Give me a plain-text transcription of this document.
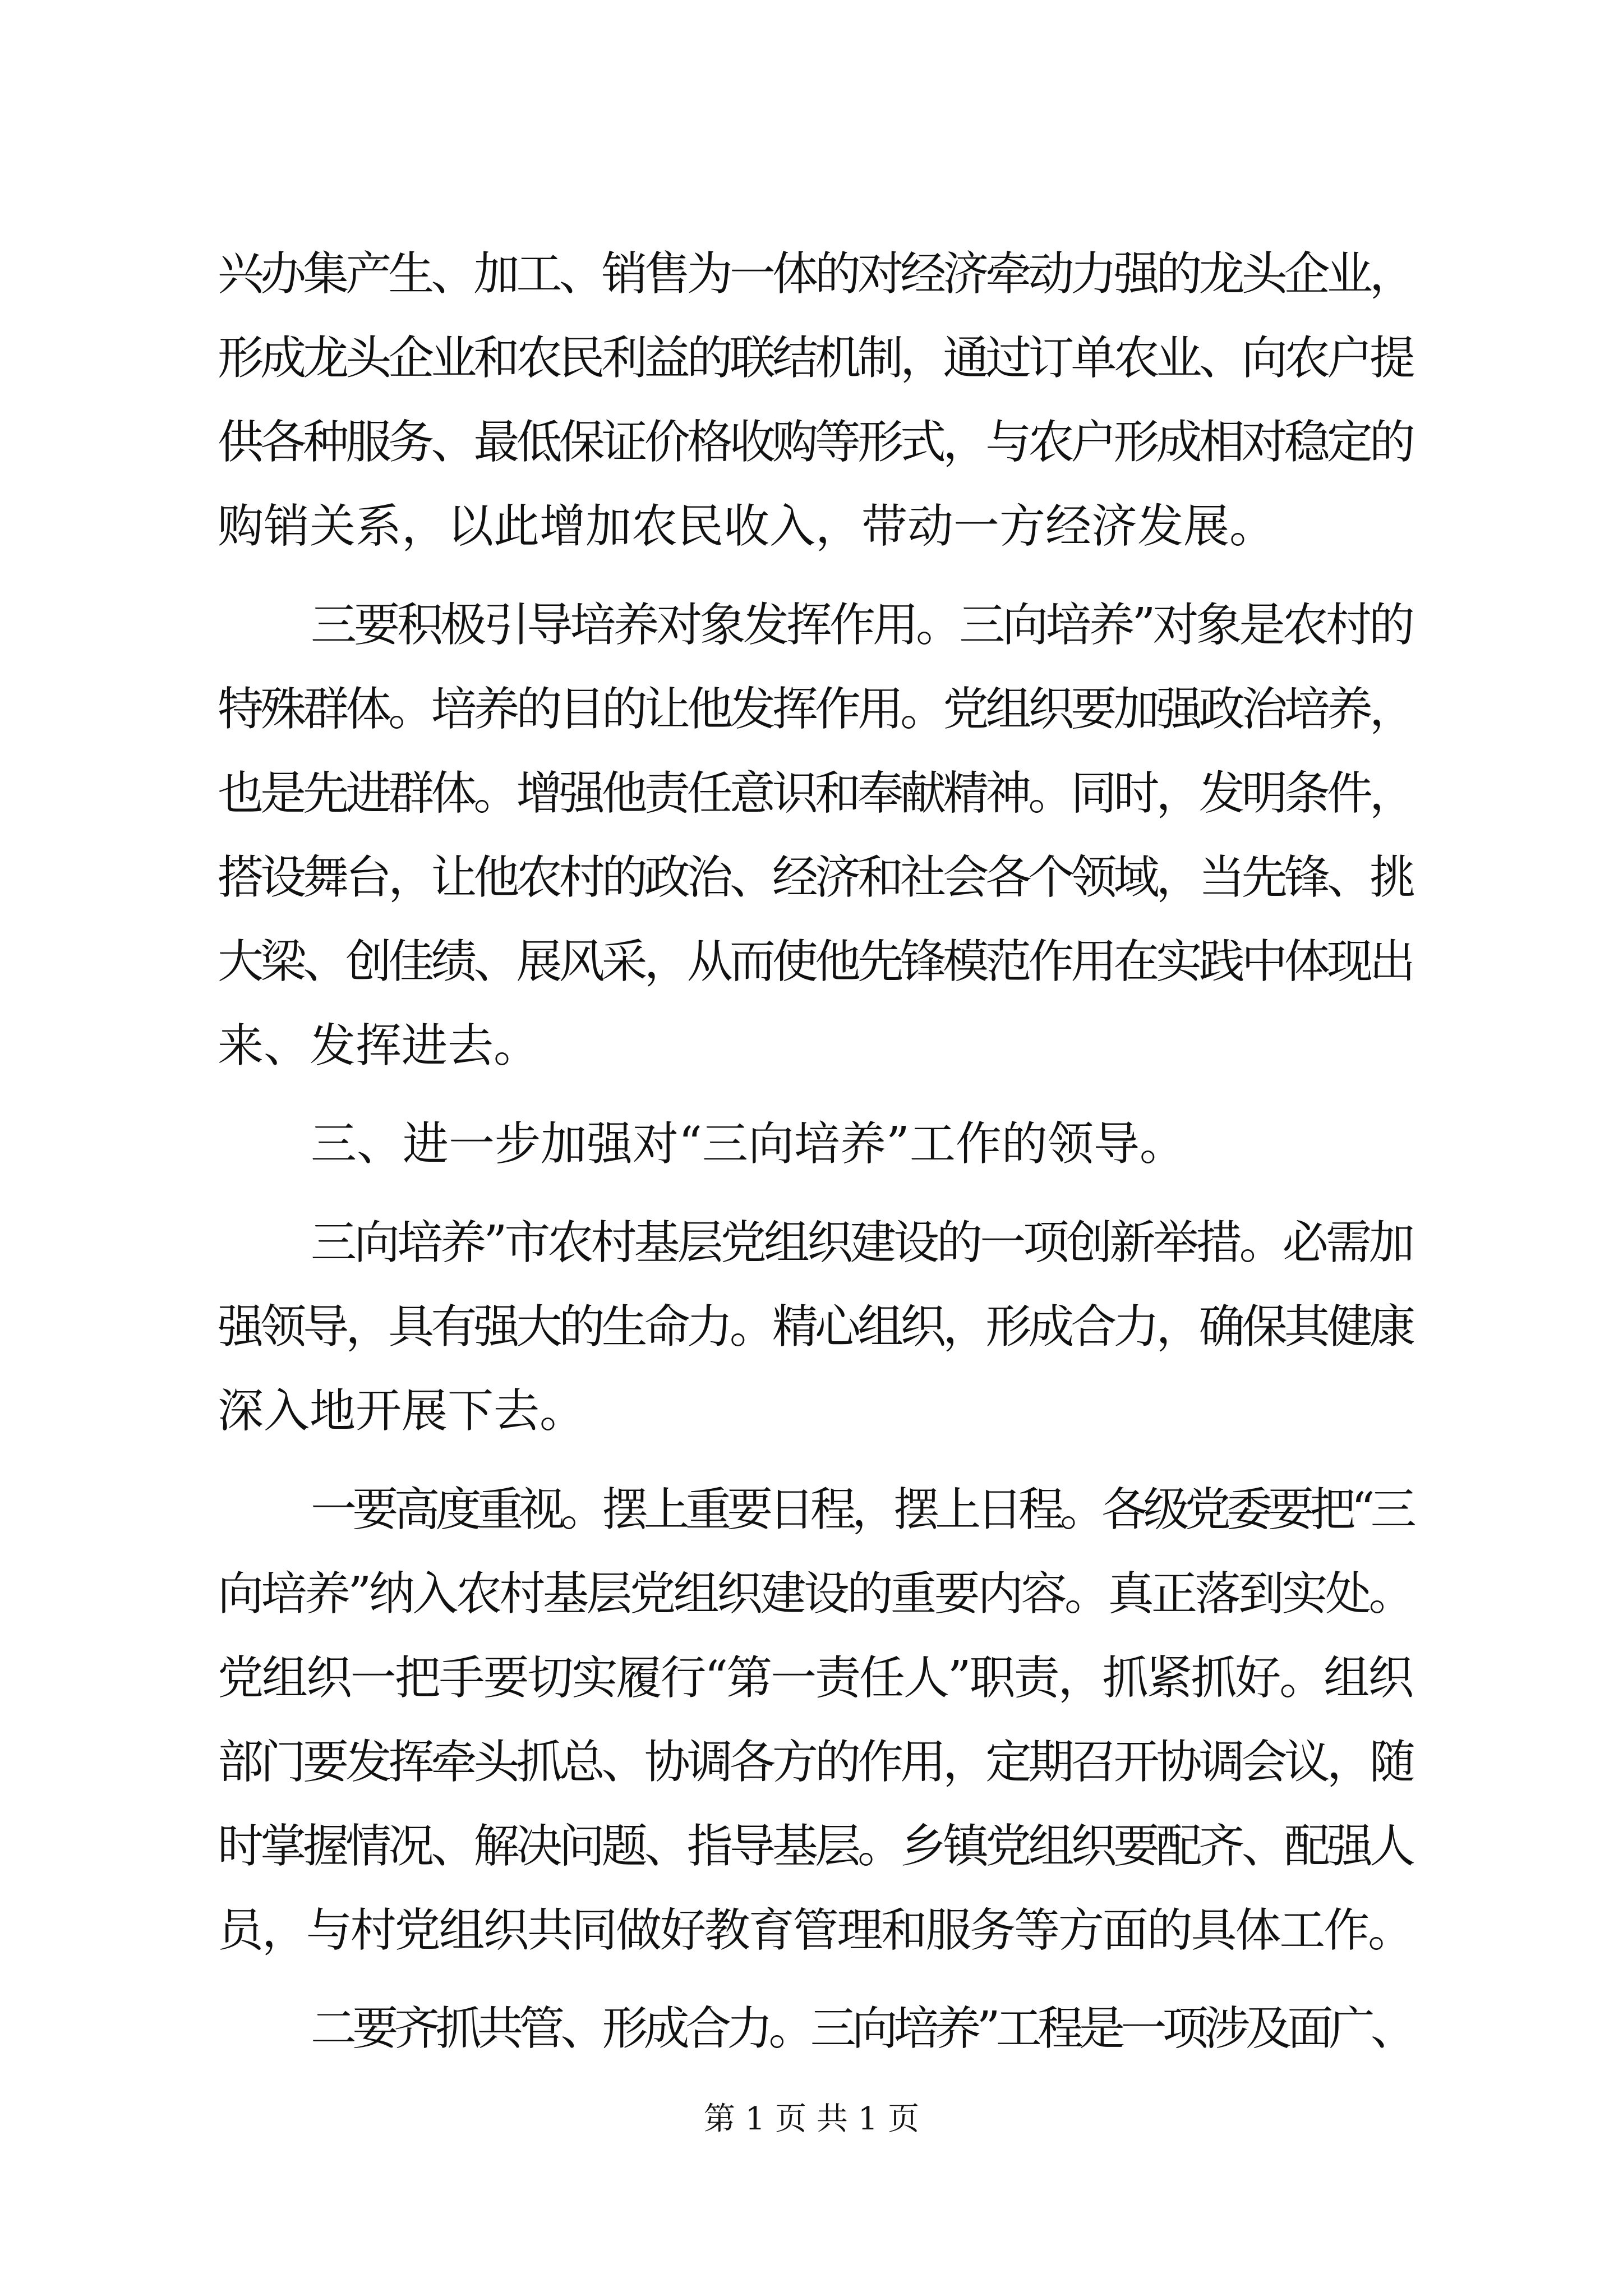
兴办集产生、加工、销售为一体的对经济牵动力强的龙头企业，
形成龙头企业和农民利益的联结机制，通过订单农业、向农户提
供各种服务、最低保证价格收购等形式，与农户形成相对稳定的
购销关系，以此增加农民收入，带动一方经济发展。
三要积极引导培养对象发挥作用。三向培养”对象是农村的
特殊群体。培养的目的让他发挥作用。党组织要加强政治培养，
也是先进群体。增强他责任意识和奉献精神。同时，发明条件，
搭设舞台，让他农村的政治、经济和社会各个领域，当先锋、挑
大梁、创佳绩、展风采，从而使他先锋模范作用在实践中体现出
来、发挥进去。
三、进一步加强对“三向培养”工作的领导。
三向培养”市农村基层党组织建设的一项创新举措。必需加
强领导，具有强大的生命力。精心组织，形成合力，确保其健康
深入地开展下去。
一要高度重视。摆上重要日程，摆上日程。各级党委要把“三
向培养”纳入农村基层党组织建设的重要内容。真正落到实处。
党组织一把手要切实履行“第一责任人”职责，抓紧抓好。组织
部门要发挥牵头抓总、协调各方的作用，定期召开协调会议，随
时掌握情况、解决问题、指导基层。乡镇党组织要配齐、配强人
员，与村党组织共同做好教育管理和服务等方面的具体工作。
二要齐抓共管、形成合力。三向培养”工程是一项涉及面广、
第 1 页 共 1 页
